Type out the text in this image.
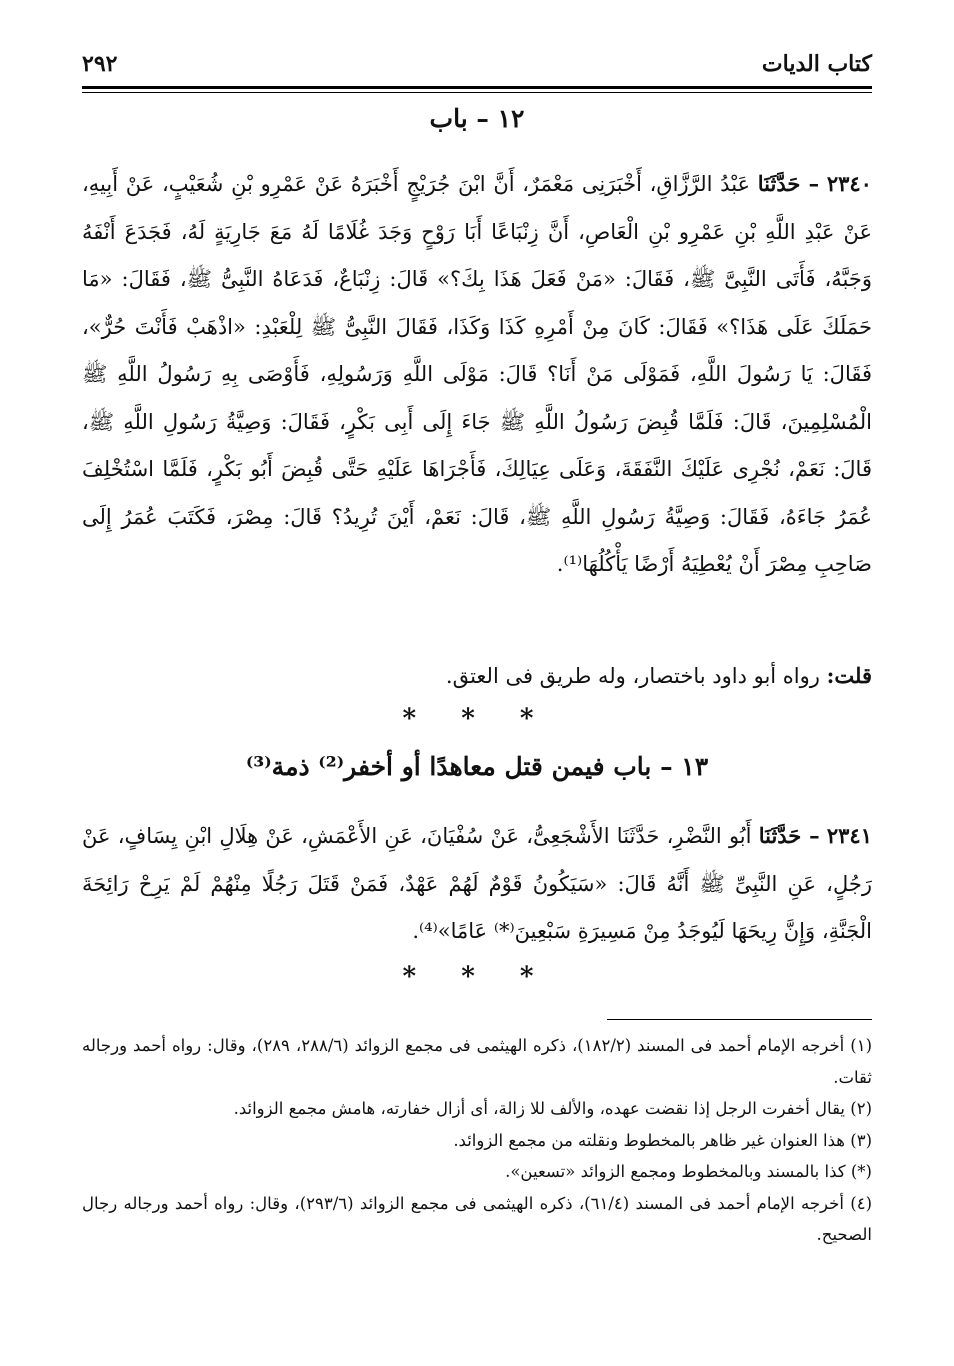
كتاب الديات
٢٩٢
١٢ – باب
٢٣٤٠ – حَدَّثَنَا عَبْدُ الرَّزَّاقِ، أَخْبَرَنِى مَعْمَرٌ، أَنَّ ابْنَ جُرَيْجٍ أَخْبَرَهُ عَنْ عَمْرِو بْنِ شُعَيْبٍ، عَنْ أَبِيهِ، عَنْ عَبْدِ اللَّهِ بْنِ عَمْرِو بْنِ الْعَاصِ، أَنَّ زِنْبَاعًا أَبَا رَوْحٍ وَجَدَ غُلَامًا لَهُ مَعَ جَارِيَةٍ لَهُ، فَجَدَعَ أَنْفَهُ وَجَبَّهُ، فَأَتَى النَّبِىَّ ﷺ، فَقَالَ: «مَنْ فَعَلَ هَذَا بِكَ؟» قَالَ: زِنْبَاعٌ، فَدَعَاهُ النَّبِىُّ ﷺ، فَقَالَ: «مَا حَمَلَكَ عَلَى هَذَا؟» فَقَالَ: كَانَ مِنْ أَمْرِهِ كَذَا وَكَذَا، فَقَالَ النَّبِىُّ ﷺ لِلْعَبْدِ: «اذْهَبْ فَأَنْتَ حُرٌّ»، فَقَالَ: يَا رَسُولَ اللَّهِ، فَمَوْلَى مَنْ أَنَا؟ قَالَ: مَوْلَى اللَّهِ وَرَسُولِهِ، فَأَوْصَى بِهِ رَسُولُ اللَّهِ ﷺ الْمُسْلِمِينَ، قَالَ: فَلَمَّا قُبِضَ رَسُولُ اللَّهِ ﷺ جَاءَ إِلَى أَبِى بَكْرٍ، فَقَالَ: وَصِيَّةُ رَسُولِ اللَّهِ ﷺ، قَالَ: نَعَمْ، نُجْرِى عَلَيْكَ النَّفَقَةَ، وَعَلَى عِيَالِكَ، فَأَجْرَاهَا عَلَيْهِ حَتَّى قُبِضَ أَبُو بَكْرٍ، فَلَمَّا اسْتُخْلِفَ عُمَرُ جَاءَهُ، فَقَالَ: وَصِيَّةُ رَسُولِ اللَّهِ ﷺ، قَالَ: نَعَمْ، أَيْنَ تُرِيدُ؟ قَالَ: مِصْرَ، فَكَتَبَ عُمَرُ إِلَى صَاحِبِ مِصْرَ أَنْ يُعْطِيَهُ أَرْضًا يَأْكُلُهَا⁽¹⁾.
قلت: رواه أبو داود باختصار، وله طريق فى العتق.
* * *
١٣ – باب فيمن قتل معاهدًا أو أخفر⁽²⁾ ذمة⁽³⁾
٢٣٤١ – حَدَّثَنَا أَبُو النَّضْرِ، حَدَّثَنَا الأَشْجَعِىُّ، عَنْ سُفْيَانَ، عَنِ الأَعْمَشِ، عَنْ هِلَالِ ابْنِ يِسَافٍ، عَنْ رَجُلٍ، عَنِ النَّبِىِّ ﷺ أَنَّهُ قَالَ: «سَيَكُونُ قَوْمٌ لَهُمْ عَهْدٌ، فَمَنْ قَتَلَ رَجُلًا مِنْهُمْ لَمْ يَرِحْ رَائِحَةَ الْجَنَّةِ، وَإِنَّ رِيحَهَا لَيُوجَدُ مِنْ مَسِيرَةِ سَبْعِينَ⁽*⁾ عَامًا»⁽⁴⁾.
* * *
(١) أخرجه الإمام أحمد فى المسند (١٨٢/٢)، ذكره الهيثمى فى مجمع الزوائد (٢٨٨/٦، ٢٨٩)، وقال: رواه أحمد ورجاله ثقات.
(٢) يقال أخفرت الرجل إذا نقضت عهده، والألف للا زالة، أى أزال خفارته، هامش مجمع الزوائد.
(٣) هذا العنوان غير ظاهر بالمخطوط ونقلته من مجمع الزوائد.
(*) كذا بالمسند وبالمخطوط ومجمع الزوائد «تسعين».
(٤) أخرجه الإمام أحمد فى المسند (٦١/٤)، ذكره الهيثمى فى مجمع الزوائد (٢٩٣/٦)، وقال: رواه أحمد ورجاله رجال الصحيح.
